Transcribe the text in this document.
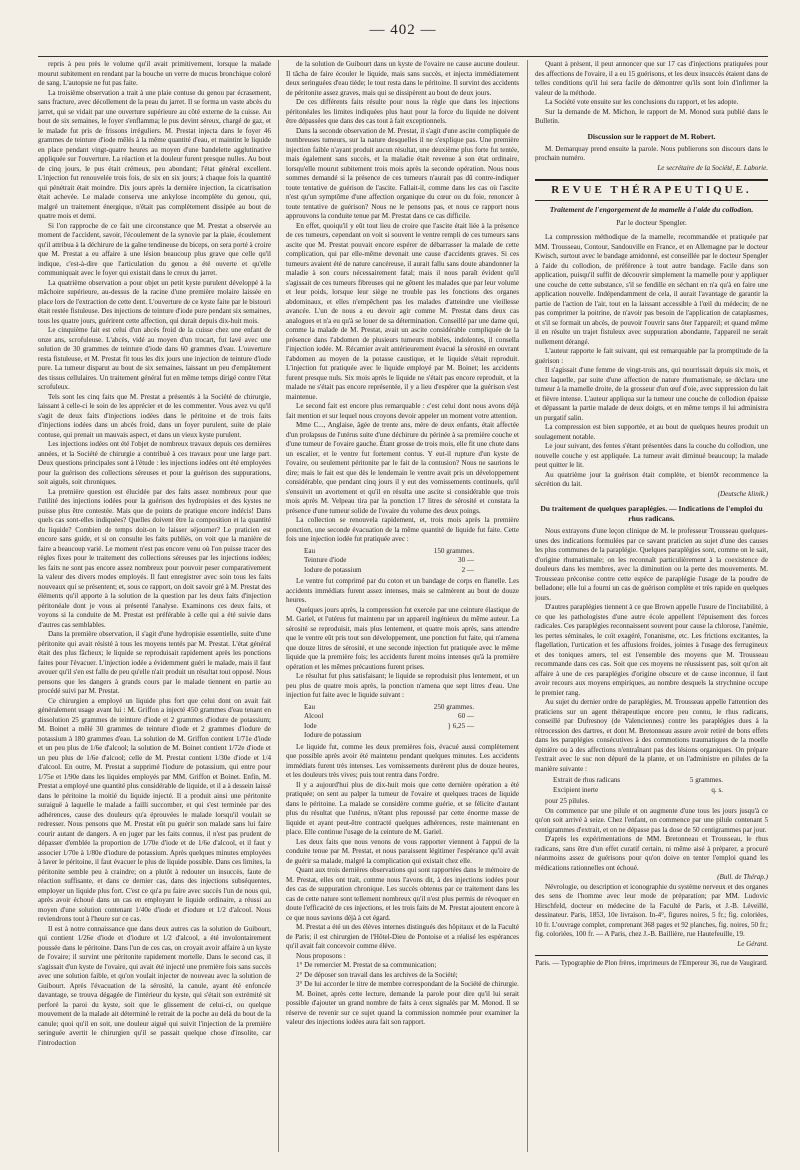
— 402 —

repris à peu près le volume qu'il avait primitivement, lorsque la malade mourut subitement en rendant par la bouche un verre de mucus bronchique coloré de sang. L'autopsie ne fut pas faite.

La troisième observation a trait à une plaie contuse du genou par écrasement, sans fracture, avec décollement de la peau du jarret. Il se forma un vaste abcès du jarret, qui se vidait par une ouverture supérieure au côté externe de la cuisse. Au bout de six semaines, le foyer s'enflamma; le pus devint séreux, chargé de gaz, et le malade fut pris de frissons irréguliers. M. Prestat injecta dans le foyer 46 grammes de teinture d'iode mêlés à la même quantité d'eau, et maintint le liquide en place pendant vingt-quatre heures au moyen d'une bandelette agglutinative appliquée sur l'ouverture. La réaction et la douleur furent presque nulles. Au bout de cinq jours, le pus était crémeux, peu abondant; l'état général excellent. L'injection fut renouvelée trois fois, de six en six jours; à chaque fois la quantité qui pénétrait était moindre. Dix jours après la dernière injection, la cicatrisation était achevée. Le malade conserva une ankylose incomplète du genou, qui, malgré un traitement énergique, n'était pas complètement dissipée au bout de quatre mois et demi.

Si l'on rapproche de ce fait une circonstance que M. Prestat a observée au moment de l'accident, savoir, l'écoulement de la synovie par la plaie, écoulement qu'il attribua à la déchirure de la gaîne tendineuse du biceps, on sera porté à croire que M. Prestat a eu affaire à une lésion beaucoup plus grave que celle qu'il indique, c'est-à-dire que l'articulation du genou a été ouverte et qu'elle communiquait avec le foyer qui existait dans le creux du jarret.

La quatrième observation a pour objet un petit kyste purulent développé à la mâchoire supérieure, au-dessus de la racine d'une première molaire laissée en place lors de l'extraction de cette dent. L'ouverture de ce kyste faite par le bistouri était restée fistuleuse. Des injections de teinture d'iode pure pendant six semaines, tous les quatre jours, guérirent cette affection, qui durait depuis dix-huit mois.

Le cinquième fait est celui d'un abcès froid de la cuisse chez une enfant de onze ans, scrofuleuse. L'abcès, vidé au moyen d'un trocart, fut lavé avec une solution de 30 grammes de teinture d'iode dans 60 grammes d'eau. L'ouverture resta fistuleuse, et M. Prestat fit tous les dix jours une injection de teinture d'iode pure. La tumeur disparut au bout de six semaines, laissant un peu d'empâtement des tissus cellulaires. Un traitement général fut en même temps dirigé contre l'état scrofuleux.

Tels sont les cinq faits que M. Prestat a présentés à la Société de chirurgie, laissant à celle-ci le soin de les apprécier et de les commenter. Vous avez vu qu'il s'agit de deux faits d'injections iodées dans le péritoine et de trois faits d'injections iodées dans un abcès froid, dans un foyer purulent, suite de plaie contuse, qui prenait un mauvais aspect, et dans un vieux kyste purulent.

Les injections iodées ont été l'objet de nombreux travaux depuis ces dernières années, et la Société de chirurgie a contribué à ces travaux pour une large part. Deux questions principales sont à l'étude : les injections iodées ont été employées pour la guérison des collections séreuses et pour la guérison des suppurations, soit aiguës, soit chroniques.

La première question est élucidée par des faits assez nombreux pour que l'utilité des injections iodées pour la guérison des hydropisies et des kystes ne puisse plus être contestée. Mais que de points de pratique encore indécis! Dans quels cas sont-elles indiquées? Quelles doivent être la composition et la quantité du liquide? Combien de temps doit-on le laisser séjourner? Le praticien est encore sans guide, et si on consulte les faits publiés, on voit que la manière de faire a beaucoup varié. Le moment n'est pas encore venu où l'on puisse tracer des règles fixes pour le traitement des collections séreuses par les injections iodées; les faits ne sont pas encore assez nombreux pour pouvoir peser comparativement la valeur des divers modes employés. Il faut enregistrer avec soin tous les faits nouveaux qui se présentent; et, sous ce rapport, on doit savoir gré à M. Prestat des éléments qu'il apporte à la solution de la question par les deux faits d'injection péritonéale dont je vous ai présenté l'analyse. Examinons ces deux faits, et voyons si la conduite de M. Prestat est préférable à celle qui a été suivie dans d'autres cas semblables.

Dans la première observation, il s'agit d'une hydropisie essentielle, suite d'une péritonite qui avait résisté à tous les moyens tentés par M. Prestat. L'état général était des plus fâcheux; le liquide se reproduisait rapidement après les ponctions faites pour l'évacuer. L'injection iodée a évidemment guéri le malade, mais il faut avouer qu'il s'en est fallu de peu qu'elle n'ait produit un résultat tout opposé. Nous pensons que les dangers à grands cours par le malade tiennent en partie au procédé suivi par M. Prestat.

Ce chirurgien a employé un liquide plus fort que celui dont on avait fait généralement usage avant lui : M. Griffon a injecté 450 grammes d'eau tenant en dissolution 25 grammes de teinture d'iode et 2 grammes d'iodure de potassium; M. Boinet a mêlé 30 grammes de teinture d'iode et 2 grammes d'iodure de potassium à 180 grammes d'eau. La solution de M. Griffon contient 1/71e d'iode et un peu plus de 1/6e d'alcool; la solution de M. Boinet contient 1/72e d'iode et un peu plus de 1/6e d'alcool; celle de M. Prestat contient 1/30e d'iode et 1/4 d'alcool. En outre, M. Prestat a supprimé l'iodure de potassium, qui entre pour 1/75e et 1/90e dans les liquides employés par MM. Griffon et Boinet. Enfin, M. Prestat a employé une quantité plus considérable de liquide, et il a à dessein laissé dans le péritoine la moitié du liquide injecté. Il a produit ainsi une péritonite suraiguë à laquelle le malade a failli succomber, et qui s'est terminée par des adhérences, cause des douleurs qu'a éprouvées le malade lorsqu'il voulait se redresser. Nous pensons que M. Prestat eût pu guérir son malade sans lui faire courir autant de dangers. A en juger par les faits connus, il n'est pas prudent de dépasser d'emblée la proportion de 1/70e d'iode et de 1/6e d'alcool, et il faut y associer 1/70e à 1/80e d'iodure de potassium. Après quelques minutes employées à laver le péritoine, il faut évacuer le plus de liquide possible. Dans ces limites, la péritonite semble peu à craindre; on a plutôt à redouter un insuccès, faute de réaction suffisante, et dans ce dernier cas, dans des injections subséquentes, employer un liquide plus fort. C'est ce qu'a pu faire avec succès l'un de nous qui, après avoir échoué dans un cas en employant le liquide ordinaire, a réussi au moyen d'une solution contenant 1/40e d'iode et d'iodure et 1/2 d'alcool. Nous reviendrons tout à l'heure sur ce cas.

Il est à notre connaissance que dans deux autres cas la solution de Guibourt, qui contient 1/26e d'iode et d'iodure et 1/2 d'alcool, a été involontairement poussée dans le péritoine. Dans l'un de ces cas, on croyait avoir affaire à un kyste de l'ovaire; il survint une péritonite rapidement mortelle. Dans le second cas, il s'agissait d'un kyste de l'ovaire, qui avait été injecté une première fois sans succès avec une solution faible, et qu'on voulait injecter de nouveau avec la solution de Guibourt. Après l'évacuation de la sérosité, la canule, ayant été enfoncée davantage, se trouva dégagée de l'intérieur du kyste, qui s'était son extrémité sit perforé la paroi du kyste, soit que le glissement de celui-ci, ou quelque mouvement de la malade ait déterminé le retrait de la poche au delà du bout de la canule; quoi qu'il en soit, une douleur aiguë qui suivit l'injection de la première seringuée avertit le chirurgien qu'il se passait quelque chose d'insolite, car l'introduction

de la solution de Guibourt dans un kyste de l'ovaire ne cause aucune douleur. Il tâcha de faire écouler le liquide, mais sans succès, et injecta immédiatement deux seringuées d'eau tiède; le tout resta dans le péritoine. Il survint des accidents de péritonite assez graves, mais qui se dissipèrent au bout de deux jours.

De ces différents faits résulte pour nous la règle que dans les injections péritonéales les limites indiquées plus haut pour la force du liquide ne doivent être dépassées que dans des cas tout à fait exceptionnels.

Dans la seconde observation de M. Prestat, il s'agit d'une ascite compliquée de nombreuses tumeurs, sur la nature desquelles il ne s'explique pas. Une première injection faible n'ayant produit aucun résultat, une deuxième plus forte fut tentée, mais également sans succès, et la maladie était revenue à son état ordinaire, lorsqu'elle mourut subitement trois mois après la seconde opération. Nous nous sommes demandé si la présence de ces tumeurs n'aurait pas dû contre-indiquer toute tentative de guérison de l'ascite. Fallait-il, comme dans les cas où l'ascite n'est qu'un symptôme d'une affection organique du cœur ou du foie, renoncer à toute tentative de guérison? Nous ne le pensons pas, et nous ce rapport nous approuvons la conduite tenue par M. Prestat dans ce cas difficile.

En effet, quoiqu'il y eût tout lieu de croire que l'ascite était liée à la présence de ces tumeurs, cependant on voit si souvent le ventre rempli de ces tumeurs sans ascite que M. Prestat pouvait encore espérer de débarrasser la malade de cette complication, qui par elle-même devenait une cause d'accidents graves. Si ces tumeurs avaient été de nature cancéreuse, il aurait fallu sans doute abandonner la maladie à son cours nécessairement fatal; mais il nous paraît évident qu'il s'agissait de ces tumeurs fibreuses qui ne gênent les malades que par leur volume et leur poids, lorsque leur siège ne trouble pas les fonctions des organes abdominaux, et elles n'empêchent pas les malades d'atteindre une vieillesse avancée. L'un de nous a eu devoir agir comme M. Prestat dans deux cas analogues et n'a eu qu'à se louer de sa détermination. Conseillé par une dame qui, comme la malade de M. Prestat, avait un ascite considérable compliquée de la présence dans l'abdomen de plusieurs tumeurs mobiles, indolentes, il consella l'injection iodée. M. Récamier avait antérieurement évacué la sérosité en ouvrant l'abdomen au moyen de la potasse caustique, et le liquide s'était reproduit. L'injection fut pratiquée avec le liquide employé par M. Boinet; les accidents furent presque nuls. Six mois après le liquide ne s'était pas encore reproduit, et la malade ne s'était pas encore représentée, il y a lieu d'espérer que la guérison s'est maintenue.

Le second fait est encore plus remarquable : c'est celui dont nous avons déjà fait mention et sur lequel nous croyons devoir appeler un moment votre attention.

Mme C..., Anglaise, âgée de trente ans, mère de deux enfants, était affectée d'un prolapsus de l'utérus suite d'une déchirure du périnée à sa première couche et d'une tumeur de l'ovaire gauche. Étant grosse de trois mois, elle fit une chute dans un escalier, et le ventre fut fortement contus. Y eut-il rupture d'un kyste de l'ovaire, ou seulement péritonite par le fait de la contusion? Nous ne saurions le dire; mais le fait est que dès le lendemain le ventre avait pris un développement considérable, que pendant cinq jours il y eut des vomissements continuels, qu'il s'ensuivit un avortement et qu'il en résulta une ascite si considérable que trois mois après M. Velpeau tira par la ponction 17 litres de sérosité et constata la présence d'une tumeur solide de l'ovaire du volume des deux poings.

La collection se renouvela rapidement, et, trois mois après la première ponction, une seconde évacuation de la même quantité de liquide fut faite. Cette fois une injection iodée fut pratiquée avec :

Eau	150 grammes.
Teinture d'iode	30 —
Iodure de potassium	2 —

Le ventre fut comprimé par du coton et un bandage de corps en flanelle. Les accidents immédiats furent assez intenses, mais se calmèrent au bout de douze heures.

Quelques jours après, la compression fut exercée par une ceinture élastique de M. Gariel, et l'utérus fut maintenu par un appareil ingénieux du même auteur. La sérosité se reproduisit, mais plus lentement, et quatre mois après, sans attendre que le ventre eût pris tout son développement, une ponction fut faite, qui n'amena que douze litres de sérosité, et une seconde injection fut pratiquée avec le même liquide que la première fois; les accidents furent moins intenses qu'à la première opération et les mêmes précautions furent prises.

Le résultat fut plus satisfaisant; le liquide se reproduisit plus lentement, et un peu plus de quatre mois après, la ponction n'amena que sept litres d'eau. Une injection fut faite avec le liquide suivant :

Eau	250 grammes.
Alcool	60 —
Iode	} 6,25 —
Iodure de potassium

Le liquide fut, comme les deux premières fois, évacué aussi complètement que possible après avoir été maintenu pendant quelques minutes. Les accidents immédiats furent très intenses. Les vomissements durèrent plus de douze heures, et les douleurs très vives; puis tout rentra dans l'ordre.

Il y a aujourd'hui plus de dix-huit mois que cette dernière opération a été pratiquée; on sent au palper la tumeur de l'ovaire et quelques traces de liquide dans le péritoine. La malade se considère comme guérie, et se félicite d'autant plus du résultat que l'utérus, n'étant plus repoussé par cette énorme masse de liquide et ayant peut-être contracté quelques adhérences, reste maintenant en place. Elle continue l'usage de la ceinture de M. Gariel.

Les deux faits que nous venons de vous rapporter viennent à l'appui de la conduite tenue par M. Prestat, et nous paraissent légitimer l'espérance qu'il avait de guérir sa malade, malgré la complication qui existait chez elle.

Quant aux trois dernières observations qui sont rapportées dans le mémoire de M. Prestat, elles ont trait, comme nous l'avons dit, à des injections iodées pour des cas de suppuration chronique. Les succès obtenus par ce traitement dans les cas de cette nature sont tellement nombreux qu'il n'est plus permis de révoquer en doute l'efficacité de ces injections, et les trois faits de M. Prestat ajoutent encore à ce que nous savions déjà à cet égard.

M. Prestat a été un des élèves internes distingués des hôpitaux et de la Faculté de Paris; il est chirurgien de l'Hôtel-Dieu de Pontoise et a réalisé les espérances qu'il avait fait concevoir comme élève.

Nous proposons :

1° De remercier M. Prestat de sa communication;

2° De déposer son travail dans les archives de la Société;

3° De lui accorder le titre de membre correspondant de la Société de chirurgie.

M. Boinet, après cette lecture, demande la parole pour dire qu'il lui serait possible d'ajouter un grand nombre de faits à ceux signalés par M. Monod. Il se réserve de revenir sur ce sujet quand la commission nommée pour examiner la valeur des injections iodées aura fait son rapport.

Quant à présent, il peut annoncer que sur 17 cas d'injections pratiquées pour des affections de l'ovaire, il a eu 15 guérisons, et les deux insuccès étaient dans de telles conditions qu'il lui sera facile de démontrer qu'ils sont loin d'infirmer la valeur de la méthode.

La Société vote ensuite sur les conclusions du rapport, et les adopte.

Sur la demande de M. Michon, le rapport de M. Monod sura publié dans le Bulletin.

Discussion sur le rapport de M. Robert.

M. Demarquay prend ensuite la parole. Nous publierons son discours dans le prochain numéro.

Le secrétaire de la Société, E. Laborie.

REVUE THÉRAPEUTIQUE.
Traitement de l'engorgement de la mamelle à l'aide du collodion.
Par le docteur Spengler.

La compression méthodique de la mamelle, recommandée et pratiquée par MM. Trousseau, Contour, Sandouville en France, et en Allemagne par le docteur Kwisch, surtout avec le bandage amidonné, est conseillée par le docteur Spengler à l'aide du collodion, de préférence à tout autre bandage. Facile dans son application, puisqu'il suffit de découvrir simplement la mamelle pour y appliquer une couche de cette substance, s'il se fendille en séchant en n'a qu'à en faire une application nouvelle. Indépendamment de cela, il aurait l'avantage de garantir la partie de l'action de l'air, tout en la laissant accessible à l'œil du médecin; de ne pas comprimer la poitrine, de n'avoir pas besoin de l'application de cataplasmes, et s'il se formait un abcès, de pouvoir l'ouvrir sans ôter l'appareil; et quand même il en résulte un trajet fistuleux avec suppuration abondante, l'appareil ne serait nullement dérangé.

L'auteur rapporte le fait suivant, qui est remarquable par la promptitude de la guérison :

Il s'agissait d'une femme de vingt-trois ans, qui nourrissait depuis six mois, et chez laquelle, par suite d'une affection de nature rhumatismale, se déclara une tumeur à la mamelle droite, de la grosseur d'un œuf d'oie, avec suppression du lait et fièvre intense. L'auteur appliqua sur la tumeur une couche de collodion épaisse et dépassant la partie malade de deux doigts, et en même temps il lui administra un purgatif salin.

La compression est bien supportée, et au bout de quelques heures produit un soulagement notable.

Le jour suivant, des fentes s'étant présentées dans la couche du collodion, une nouvelle couche y est appliquée. La tumeur avait diminué beaucoup; la malade peut quitter le lit.

Au quatrième jour la guérison était complète, et bientôt recommence la sécrétion du lait.

(Deutsche klinik.)

Du traitement de quelques paraplégies. — Indications de l'emploi du rhus radicans.

Nous extrayons d'une leçon clinique de M. le professeur Trousseau quelques-unes des indications formulées par ce savant praticien au sujet d'une des causes les plus communes de la paraplégie. Quelques paraplégies sont, comme on le sait, d'origine rhumatismale; on les reconnaît particulièrement à la coexistence de douleurs dans les membres, avec la diminution ou la perte des mouvements. M. Trousseau préconise contre cette espèce de paraplégie l'usage de la poudre de belladone; elle lui a fourni un cas de guérison complète et très rapide en quelques jours.

D'autres paraplégies tiennent à ce que Brown appelle l'usure de l'incitabilité, à ce que les pathologistes d'une autre école appellent l'épuisement des forces radicales. Ces paraplégies reconnaissent souvent pour cause la chlorose, l'anémie, les pertes séminales, le coït exagéré, l'onanisme, etc. Les frictions excitantes, la flagellation, l'urtication et les affusions froides, jointes à l'usage des ferrugineux et des toniques amers, tel est l'ensemble des moyens que M. Trousseau recommande dans ces cas. Soit que ces moyens ne réussissent pas, soit qu'on ait affaire à une de ces paraplégies d'origine obscure et de cause inconnue, il faut avoir recours aux moyens empiriques, au nombre desquels la strychnine occupe le premier rang.

Au sujet du dernier ordre de paraplégies, M. Trousseau appelle l'attention des praticiens sur un agent thérapeutique encore peu connu, le rhus radicans, conseillé par Dufresnoy (de Valenciennes) contre les paraplégies dues à la rétrocession des dartres, et dont M. Bretonneau assure avoir retiré de bons effets dans les paraplégies consécutives à des commotions traumatiques de la moelle épinière ou à des affections n'entraînant pas des lésions organiques. On prépare l'extrait avec le suc non dépuré de la plante, et on l'administre en pilules de la manière suivante :

Extrait de rhus radicans	5 grammes.
Excipient inerte	q. s.

pour 25 pilules.

On commence par une pilule et on augmente d'une tous les jours jusqu'à ce qu'on soit arrivé à seize. Chez l'enfant, on commence par une pilule contenant 5 centigrammes d'extrait, et on ne dépasse pas la dose de 50 centigrammes par jour.

D'après les expérimentations de MM. Bretonneau et Trousseau, le rhus radicans, sans être d'un effet curatif certain, ni même aisé à préparer, a procuré néanmoins assez de guérisons pour qu'on doive en tenter l'emploi quand les médications rationnelles ont échoué.

(Bull. de Thérap.)

Névrologie, ou description et iconographie du système nerveux et des organes des sens de l'homme avec leur mode de préparation; par MM. Ludovic Hirschfeld, docteur en médecine de la Faculté de Paris, et J.-B. Léveillé, dessinateur. Paris, 1853, 10e livraison. In-4°, figures noires, 5 fr.; fig. coloriées, 10 fr. L'ouvrage complet, comprenant 368 pages et 92 planches, fig. noires, 50 fr.; fig. coloriées, 100 fr. — A Paris, chez J.-B. Baillière, rue Hautefeuille, 19.

Le Gérant.

Paris. — Typographie de Plon frères, imprimeurs de l'Empereur 36, rue de Vaugirard.
